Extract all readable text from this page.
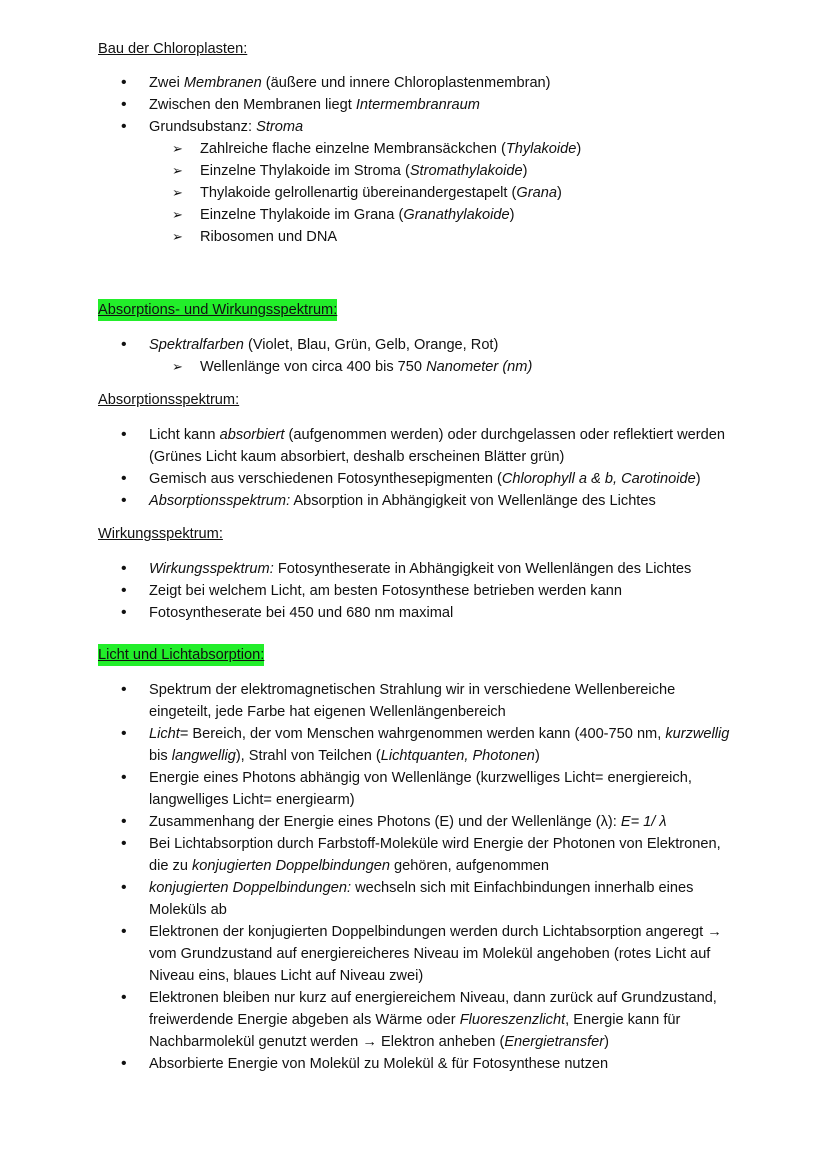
Bau der Chloroplasten:
• Zwei Membranen (äußere und innere Chloroplastenmembran)
• Zwischen den Membranen liegt Intermembranraum
• Grundsubstanz: Stroma
➢ Zahlreiche flache einzelne Membransäckchen (Thylakoide)
➢ Einzelne Thylakoide im Stroma (Stromathylakoide)
➢ Thylakoide gelrollenartig übereinandergestapelt (Grana)
➢ Einzelne Thylakoide im Grana (Granathylakoide)
➢ Ribosomen und DNA
Absorptions- und Wirkungsspektrum:
• Spektralfarben (Violet, Blau, Grün, Gelb, Orange, Rot)
➢ Wellenlänge von circa 400 bis 750 Nanometer (nm)
Absorptionsspektrum:
• Licht kann absorbiert (aufgenommen werden) oder durchgelassen oder reflektiert werden (Grünes Licht kaum absorbiert, deshalb erscheinen Blätter grün)
• Gemisch aus verschiedenen Fotosynthesepigmenten (Chlorophyll a & b, Carotinoide)
• Absorptionsspektrum: Absorption in Abhängigkeit von Wellenlänge des Lichtes
Wirkungsspektrum:
• Wirkungsspektrum: Fotosyntheserate in Abhängigkeit von Wellenlängen des Lichtes
• Zeigt bei welchem Licht, am besten Fotosynthese betrieben werden kann
• Fotosyntheserate bei 450 und 680 nm maximal
Licht und Lichtabsorption:
• Spektrum der elektromagnetischen Strahlung wir in verschiedene Wellenbereiche eingeteilt, jede Farbe hat eigenen Wellenlängenbereich
• Licht= Bereich, der vom Menschen wahrgenommen werden kann (400-750 nm, kurzwellig bis langwellig), Strahl von Teilchen (Lichtquanten, Photonen)
• Energie eines Photons abhängig von Wellenlänge (kurzwelliges Licht= energiereich, langwelliges Licht= energiearm)
• Zusammenhang der Energie eines Photons (E) und der Wellenlänge (λ): E= 1/ λ
• Bei Lichtabsorption durch Farbstoff-Moleküle wird Energie der Photonen von Elektronen, die zu konjugierten Doppelbindungen gehören, aufgenommen
• konjugierten Doppelbindungen: wechseln sich mit Einfachbindungen innerhalb eines Moleküls ab
• Elektronen der konjugierten Doppelbindungen werden durch Lichtabsorption angeregt → vom Grundzustand auf energiereicheres Niveau im Molekül angehoben (rotes Licht auf Niveau eins, blaues Licht auf Niveau zwei)
• Elektronen bleiben nur kurz auf energiereichem Niveau, dann zurück auf Grundzustand, freiwerdende Energie abgeben als Wärme oder Fluoreszenzlicht, Energie kann für Nachbarmolekül genutzt werden → Elektron anheben (Energietransfer)
• Absorbierte Energie von Molekül zu Molekül & für Fotosynthese nutzen
